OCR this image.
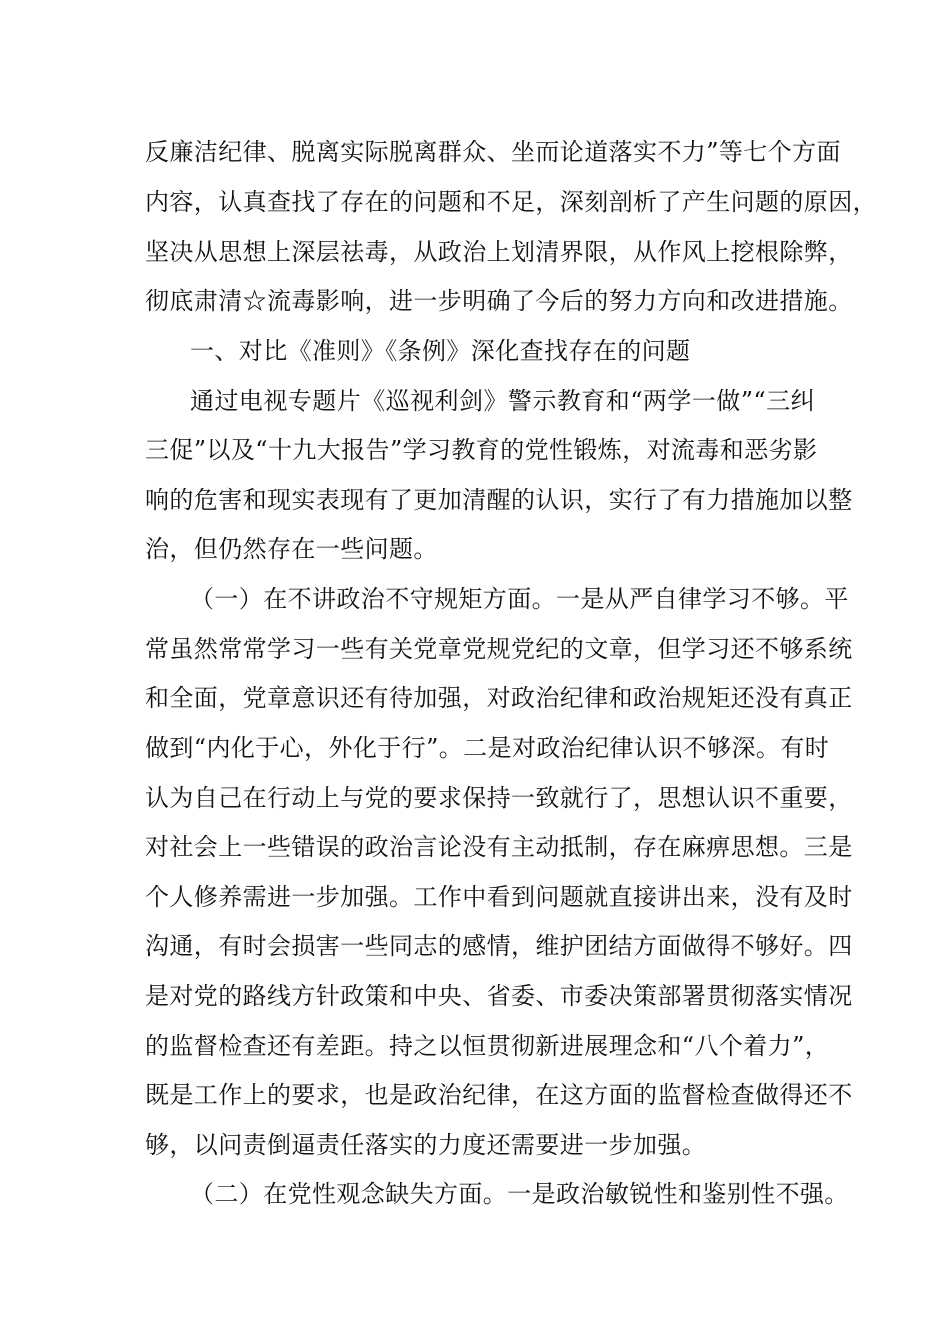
反廉洁纪律、脱离实际脱离群众、坐而论道落实不力”等七个方面
内容，认真查找了存在的问题和不足，深刻剖析了产生问题的原因，
坚决从思想上深层祛毒，从政治上划清界限，从作风上挖根除弊，
彻底肃清☆流毒影响，进一步明确了今后的努力方向和改进措施。
一、对比《准则》《条例》深化查找存在的问题
通过电视专题片《巡视利剑》警示教育和“两学一做”“三纠
三促”以及“十九大报告”学习教育的党性锻炼，对流毒和恶劣影
响的危害和现实表现有了更加清醒的认识，实行了有力措施加以整
治，但仍然存在一些问题。
（一）在不讲政治不守规矩方面。一是从严自律学习不够。平
常虽然常常学习一些有关党章党规党纪的文章，但学习还不够系统
和全面，党章意识还有待加强，对政治纪律和政治规矩还没有真正
做到“内化于心，外化于行”。二是对政治纪律认识不够深。有时
认为自己在行动上与党的要求保持一致就行了，思想认识不重要，
对社会上一些错误的政治言论没有主动抵制，存在麻痹思想。三是
个人修养需进一步加强。工作中看到问题就直接讲出来，没有及时
沟通，有时会损害一些同志的感情，维护团结方面做得不够好。四
是对党的路线方针政策和中央、省委、市委决策部署贯彻落实情况
的监督检查还有差距。持之以恒贯彻新进展理念和“八个着力”，
既是工作上的要求，也是政治纪律，在这方面的监督检查做得还不
够，以问责倒逼责任落实的力度还需要进一步加强。
（二）在党性观念缺失方面。一是政治敏锐性和鉴别性不强。
